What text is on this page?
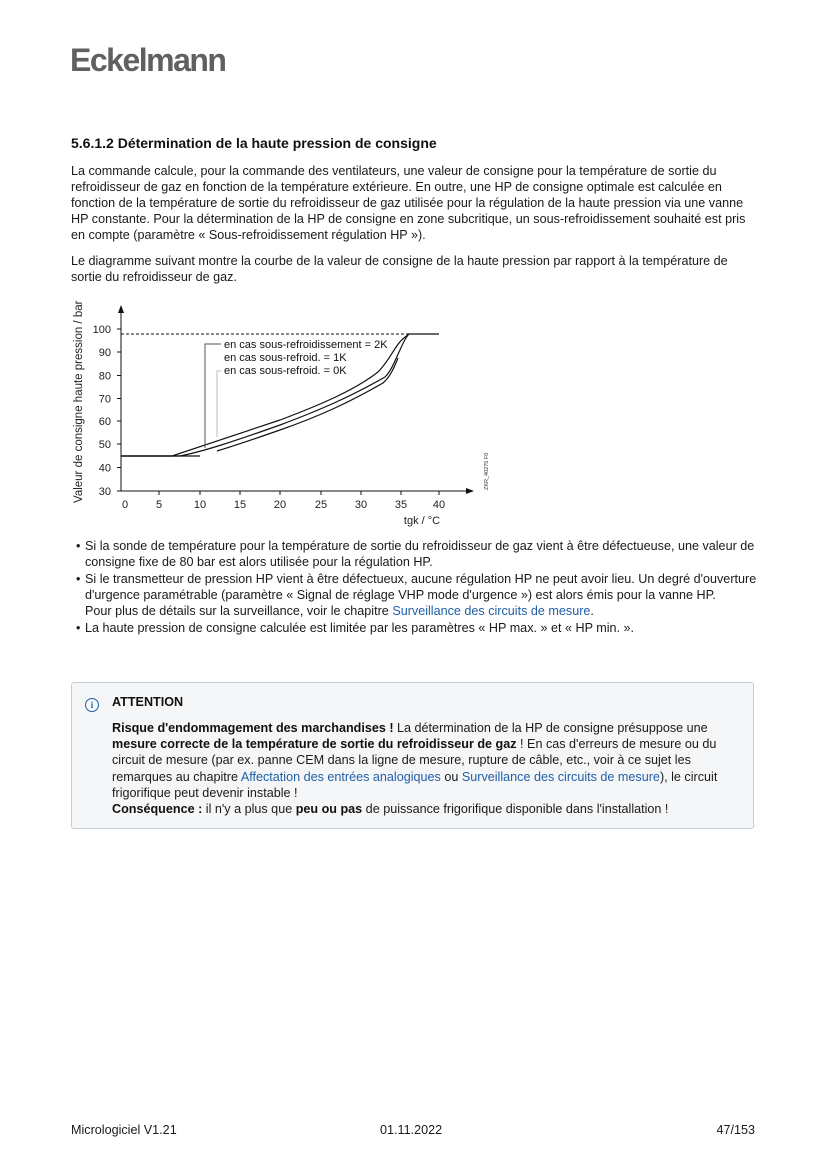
Eckelmann
5.6.1.2 Détermination de la haute pression de consigne
La commande calcule, pour la commande des ventilateurs, une valeur de consigne pour la température de sortie du refroidisseur de gaz en fonction de la température extérieure. En outre, une HP de consigne optimale est calculée en fonction de la température de sortie du refroidisseur de gaz utilisée pour la régulation de la haute pression via une vanne HP constante. Pour la détermination de la HP de consigne en zone subcritique, un sous-refroidissement souhaité est pris en compte (paramètre « Sous-refroidissement régulation HP »).
Le diagramme suivant montre la courbe de la valeur de consigne de la haute pression par rapport à la température de sortie du refroidisseur de gaz.
Valeur de consigne haute pression / bar 30
40
50
60
70
80
90
100
0	5	10	15	20	25	30	35 40
tgk / °C
en cas sous-refroidissement = 2K
en cas sous-refroid. = 1K
en cas sous-refroid. = 0K
ZKR_40275 F0
• Si la sonde de température pour la température de sortie du refroidisseur de gaz vient à être défectueuse, une valeur de consigne fixe de 80 bar est alors utilisée pour la régulation HP.
• Si le transmetteur de pression HP vient à être défectueux, aucune régulation HP ne peut avoir lieu. Un degré d'ouverture d'urgence paramétrable (paramètre « Signal de réglage VHP mode d'urgence ») est alors émis pour la vanne HP.
Pour plus de détails sur la surveillance, voir le chapitre Surveillance des circuits de mesure.
• La haute pression de consigne calculée est limitée par les paramètres « HP max. » et « HP min. ».
i	ATTENTION
Risque d'endommagement des marchandises ! La détermination de la HP de consigne présuppose une mesure correcte de la température de sortie du refroidisseur de gaz ! En cas d'erreurs de mesure ou du circuit de mesure (par ex. panne CEM dans la ligne de mesure, rupture de câble, etc., voir à ce sujet les remarques au chapitre Affectation des entrées analogiques ou Surveillance des circuits de mesure), le circuit frigorifique peut devenir instable !
Conséquence : il n'y a plus que peu ou pas de puissance frigorifique disponible dans l'installation !
Micrologiciel V1.21	01.11.2022	47/153
